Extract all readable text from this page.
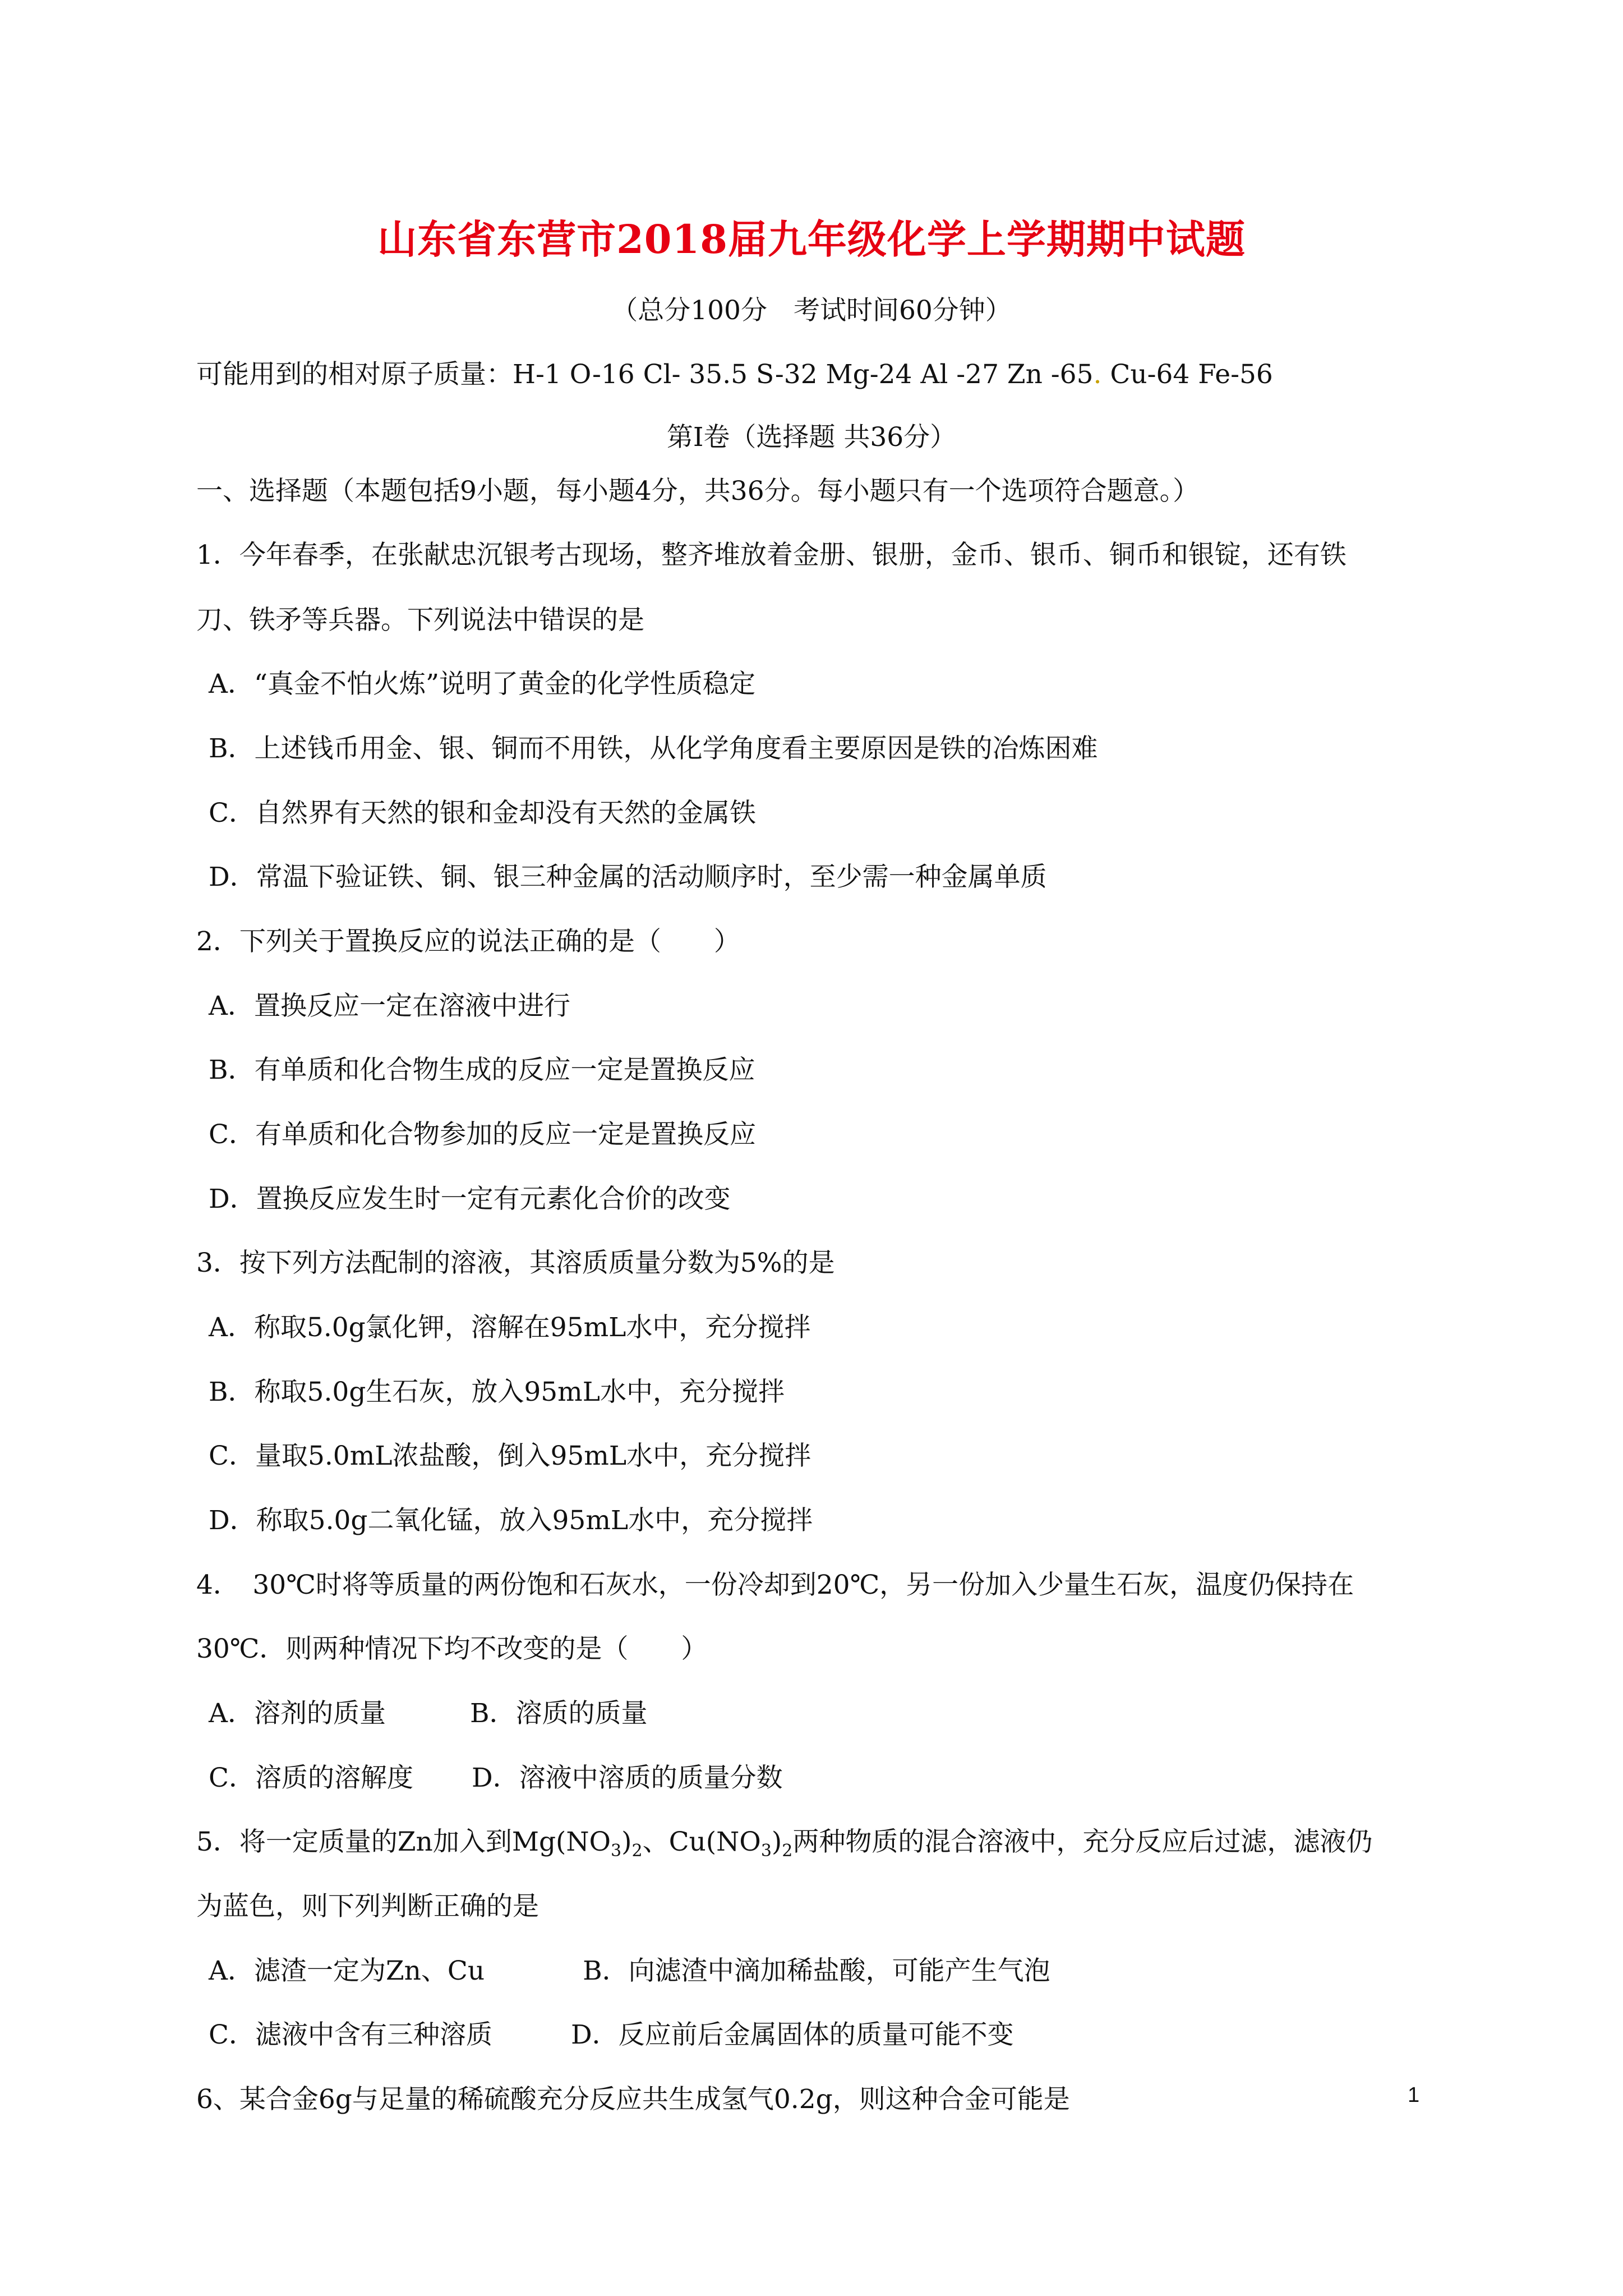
山东省东营市2018届九年级化学上学期期中试题
（总分100分　考试时间60分钟）
可能用到的相对原子质量：H-1 O-16 Cl- 35.5 S-32 Mg-24 Al -27 Zn -65. Cu-64 Fe-56
第Ⅰ卷（选择题 共36分）
一、选择题（本题包括9小题，每小题4分，共36分。每小题只有一个选项符合题意。）
1．今年春季，在张献忠沉银考古现场，整齐堆放着金册、银册，金币、银币、铜币和银锭，还有铁
刀、铁矛等兵器。下列说法中错误的是
A．“真金不怕火炼”说明了黄金的化学性质稳定
B．上述钱币用金、银、铜而不用铁，从化学角度看主要原因是铁的冶炼困难
C．自然界有天然的银和金却没有天然的金属铁
D．常温下验证铁、铜、银三种金属的活动顺序时，至少需一种金属单质
2．下列关于置换反应的说法正确的是（　　）
A．置换反应一定在溶液中进行
B．有单质和化合物生成的反应一定是置换反应
C．有单质和化合物参加的反应一定是置换反应
D．置换反应发生时一定有元素化合价的改变
3．按下列方法配制的溶液，其溶质质量分数为5%的是
A．称取5.0g氯化钾，溶解在95mL水中，充分搅拌
B．称取5.0g生石灰，放入95mL水中，充分搅拌
C．量取5.0mL浓盐酸，倒入95mL水中，充分搅拌
D．称取5.0g二氧化锰，放入95mL水中，充分搅拌
4．　30℃时将等质量的两份饱和石灰水，一份冷却到20℃，另一份加入少量生石灰，温度仍保持在
30℃．则两种情况下均不改变的是（　　）
A．溶剂的质量	B．溶质的质量
C．溶质的溶解度 D．溶液中溶质的质量分数
5．将一定质量的Zn加入到$Mg(NO_3)_2$、$Cu(NO_3)_2$两种物质的混合溶液中，充分反应后过滤，滤液仍
为蓝色，则下列判断正确的是
A．滤渣一定为Zn、Cu	B．向滤渣中滴加稀盐酸，可能产生气泡
C．滤液中含有三种溶质	D．反应前后金属固体的质量可能不变
6、某合金6g与足量的稀硫酸充分反应共生成氢气0.2g，则这种合金可能是	1
